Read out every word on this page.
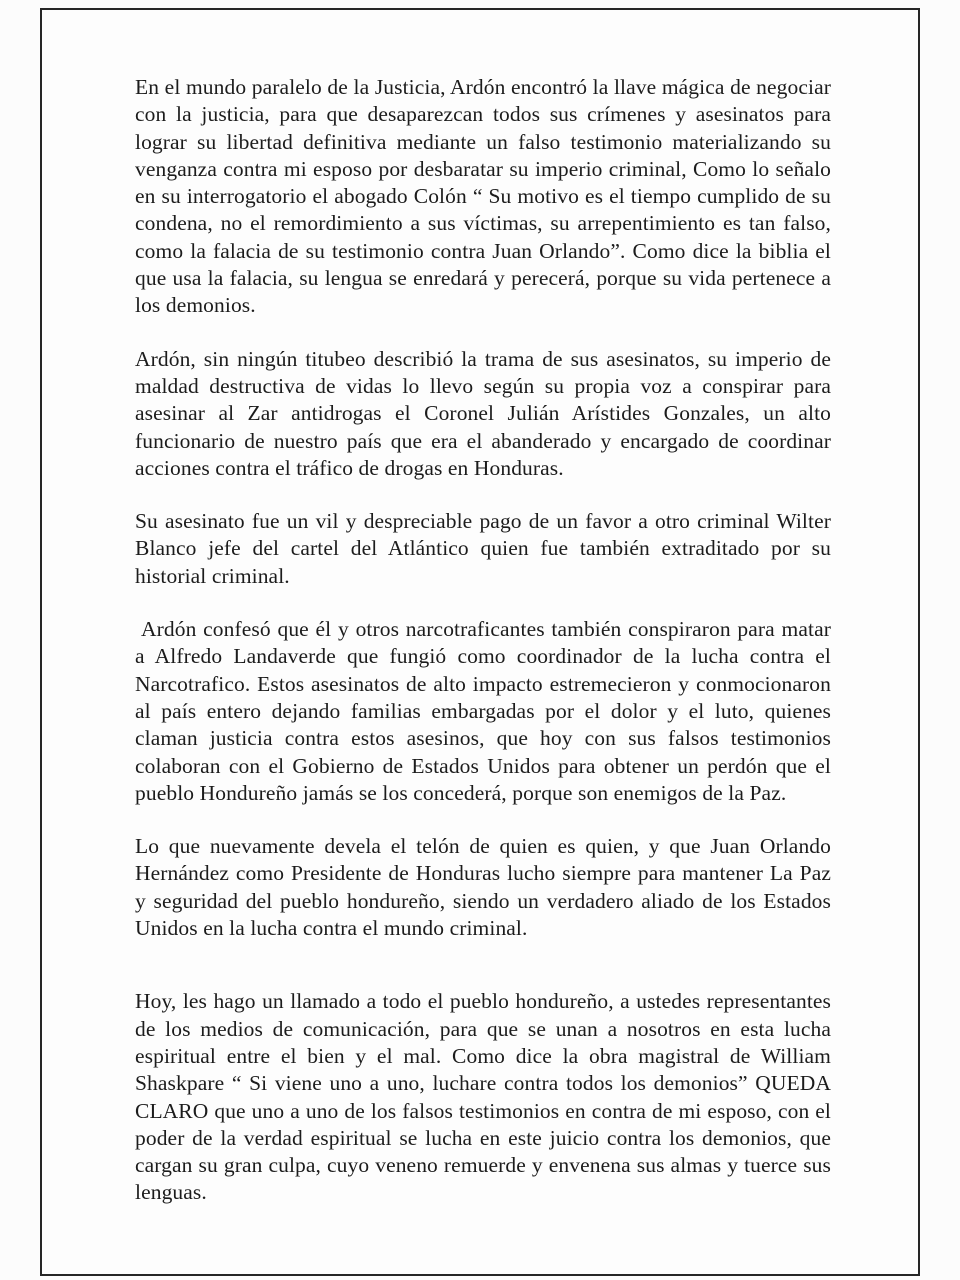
En el mundo paralelo de la Justicia, Ardón encontró la llave mágica de negociar con la justicia, para que desaparezcan todos sus crímenes y asesinatos para lograr su libertad definitiva mediante un falso testimonio materializando su venganza contra mi esposo por desbaratar su imperio criminal, Como lo señalo en su interrogatorio el abogado Colón “ Su motivo es el tiempo cumplido de su condena, no el remordimiento a sus víctimas, su arrepentimiento es tan falso, como la falacia de su testimonio contra Juan Orlando”. Como dice la biblia el que usa la falacia, su lengua se enredará y perecerá, porque su vida pertenece a los demonios.

Ardón, sin ningún titubeo describió la trama de sus asesinatos, su imperio de maldad destructiva de vidas lo llevo según su propia voz a conspirar para asesinar al Zar antidrogas el Coronel Julián Arístides Gonzales, un alto funcionario de nuestro país que era el abanderado y encargado de coordinar acciones contra el tráfico de drogas en Honduras.

Su asesinato fue un vil y despreciable pago de un favor a otro criminal Wilter Blanco jefe del cartel del Atlántico quien fue también extraditado por su historial criminal.

Ardón confesó que él y otros narcotraficantes también conspiraron para matar a Alfredo Landaverde que fungió como coordinador de la lucha contra el Narcotrafico. Estos asesinatos de alto impacto estremecieron y conmocionaron al país entero dejando familias embargadas por el dolor y el luto, quienes claman justicia contra estos asesinos, que hoy con sus falsos testimonios colaboran con el Gobierno de Estados Unidos para obtener un perdón que el pueblo Hondureño jamás se los concederá, porque son enemigos de la Paz.

Lo que nuevamente devela el telón de quien es quien, y que Juan Orlando Hernández como Presidente de Honduras lucho siempre para mantener La Paz y seguridad del pueblo hondureño, siendo un verdadero aliado de los Estados Unidos en la lucha contra el mundo criminal.

Hoy, les hago un llamado a todo el pueblo hondureño, a ustedes representantes de los medios de comunicación, para que se unan a nosotros en esta lucha espiritual entre el bien y el mal. Como dice la obra magistral de William Shaskpare “ Si viene uno a uno, luchare contra todos los demonios” QUEDA CLARO que uno a uno de los falsos testimonios en contra de mi esposo, con el poder de la verdad espiritual se lucha en este juicio contra los demonios, que cargan su gran culpa, cuyo veneno remuerde y envenena sus almas y tuerce sus lenguas.
